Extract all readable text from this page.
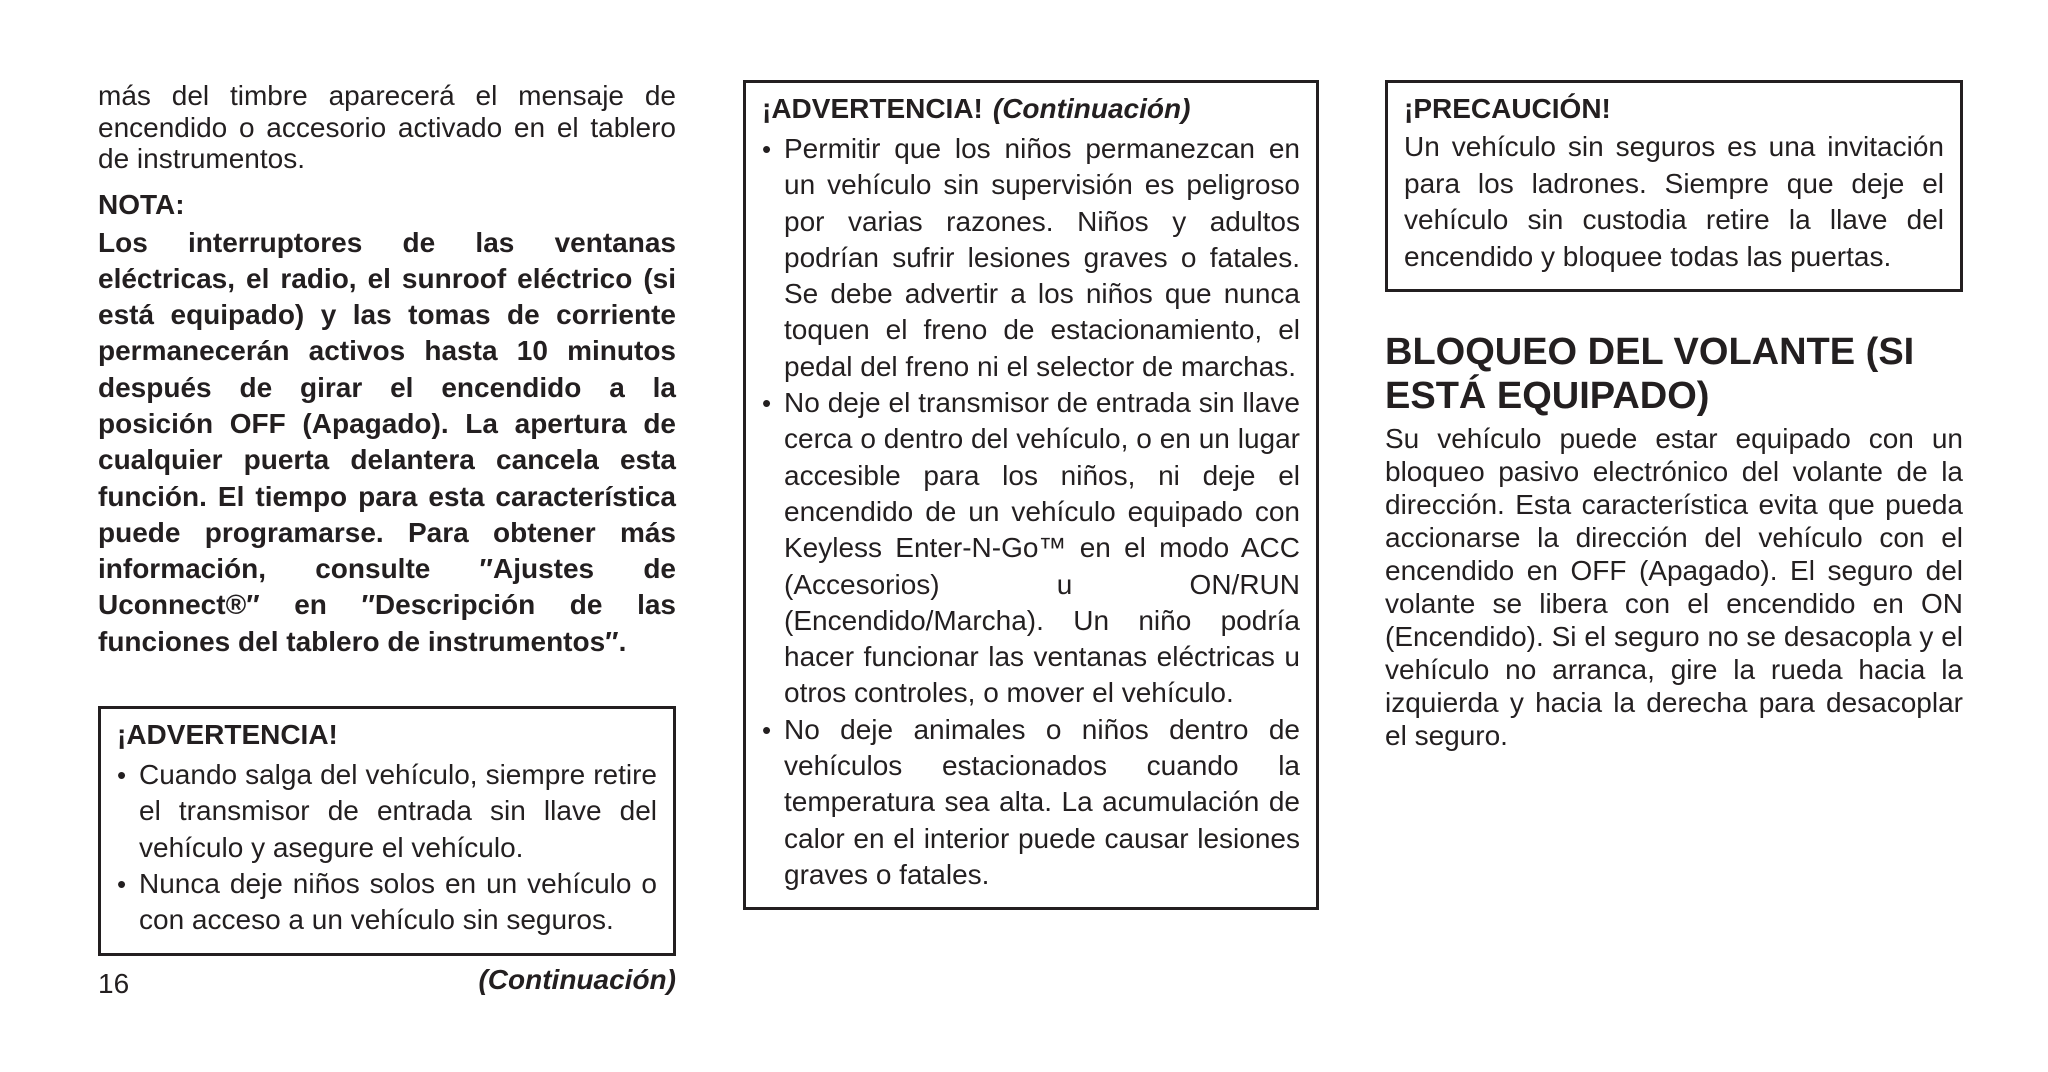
más del timbre aparecerá el mensaje de encendido o accesorio activado en el tablero de instrumentos.

NOTA:

Los interruptores de las ventanas eléctricas, el radio, el sunroof eléctrico (si está equipado) y las tomas de corriente permanecerán activos hasta 10 minutos después de girar el encendido a la posición OFF (Apagado). La apertura de cualquier puerta delantera cancela esta función. El tiempo para esta característica puede programarse. Para obtener más información, consulte ″Ajustes de Uconnect®″ en ″Descripción de las funciones del tablero de instrumentos″.

¡ADVERTENCIA!
• Cuando salga del vehículo, siempre retire el transmisor de entrada sin llave del vehículo y asegure el vehículo.
• Nunca deje niños solos en un vehículo o con acceso a un vehículo sin seguros.
(Continuación)
16
¡ADVERTENCIA! (Continuación)
• Permitir que los niños permanezcan en un vehículo sin supervisión es peligroso por varias razones. Niños y adultos podrían sufrir lesiones graves o fatales. Se debe advertir a los niños que nunca toquen el freno de estacionamiento, el pedal del freno ni el selector de marchas.
• No deje el transmisor de entrada sin llave cerca o dentro del vehículo, o en un lugar accesible para los niños, ni deje el encendido de un vehículo equipado con Keyless Enter-N-Go™ en el modo ACC (Accesorios) u ON/RUN (Encendido/Marcha). Un niño podría hacer funcionar las ventanas eléctricas u otros controles, o mover el vehículo.
• No deje animales o niños dentro de vehículos estacionados cuando la temperatura sea alta. La acumulación de calor en el interior puede causar lesiones graves o fatales.
¡PRECAUCIÓN!

Un vehículo sin seguros es una invitación para los ladrones. Siempre que deje el vehículo sin custodia retire la llave del encendido y bloquee todas las puertas.

BLOQUEO DEL VOLANTE (SI ESTÁ EQUIPADO)

Su vehículo puede estar equipado con un bloqueo pasivo electrónico del volante de la dirección. Esta característica evita que pueda accionarse la dirección del vehículo con el encendido en OFF (Apagado). El seguro del volante se libera con el encendido en ON (Encendido). Si el seguro no se desacopla y el vehículo no arranca, gire la rueda hacia la izquierda y hacia la derecha para desacoplar el seguro.
